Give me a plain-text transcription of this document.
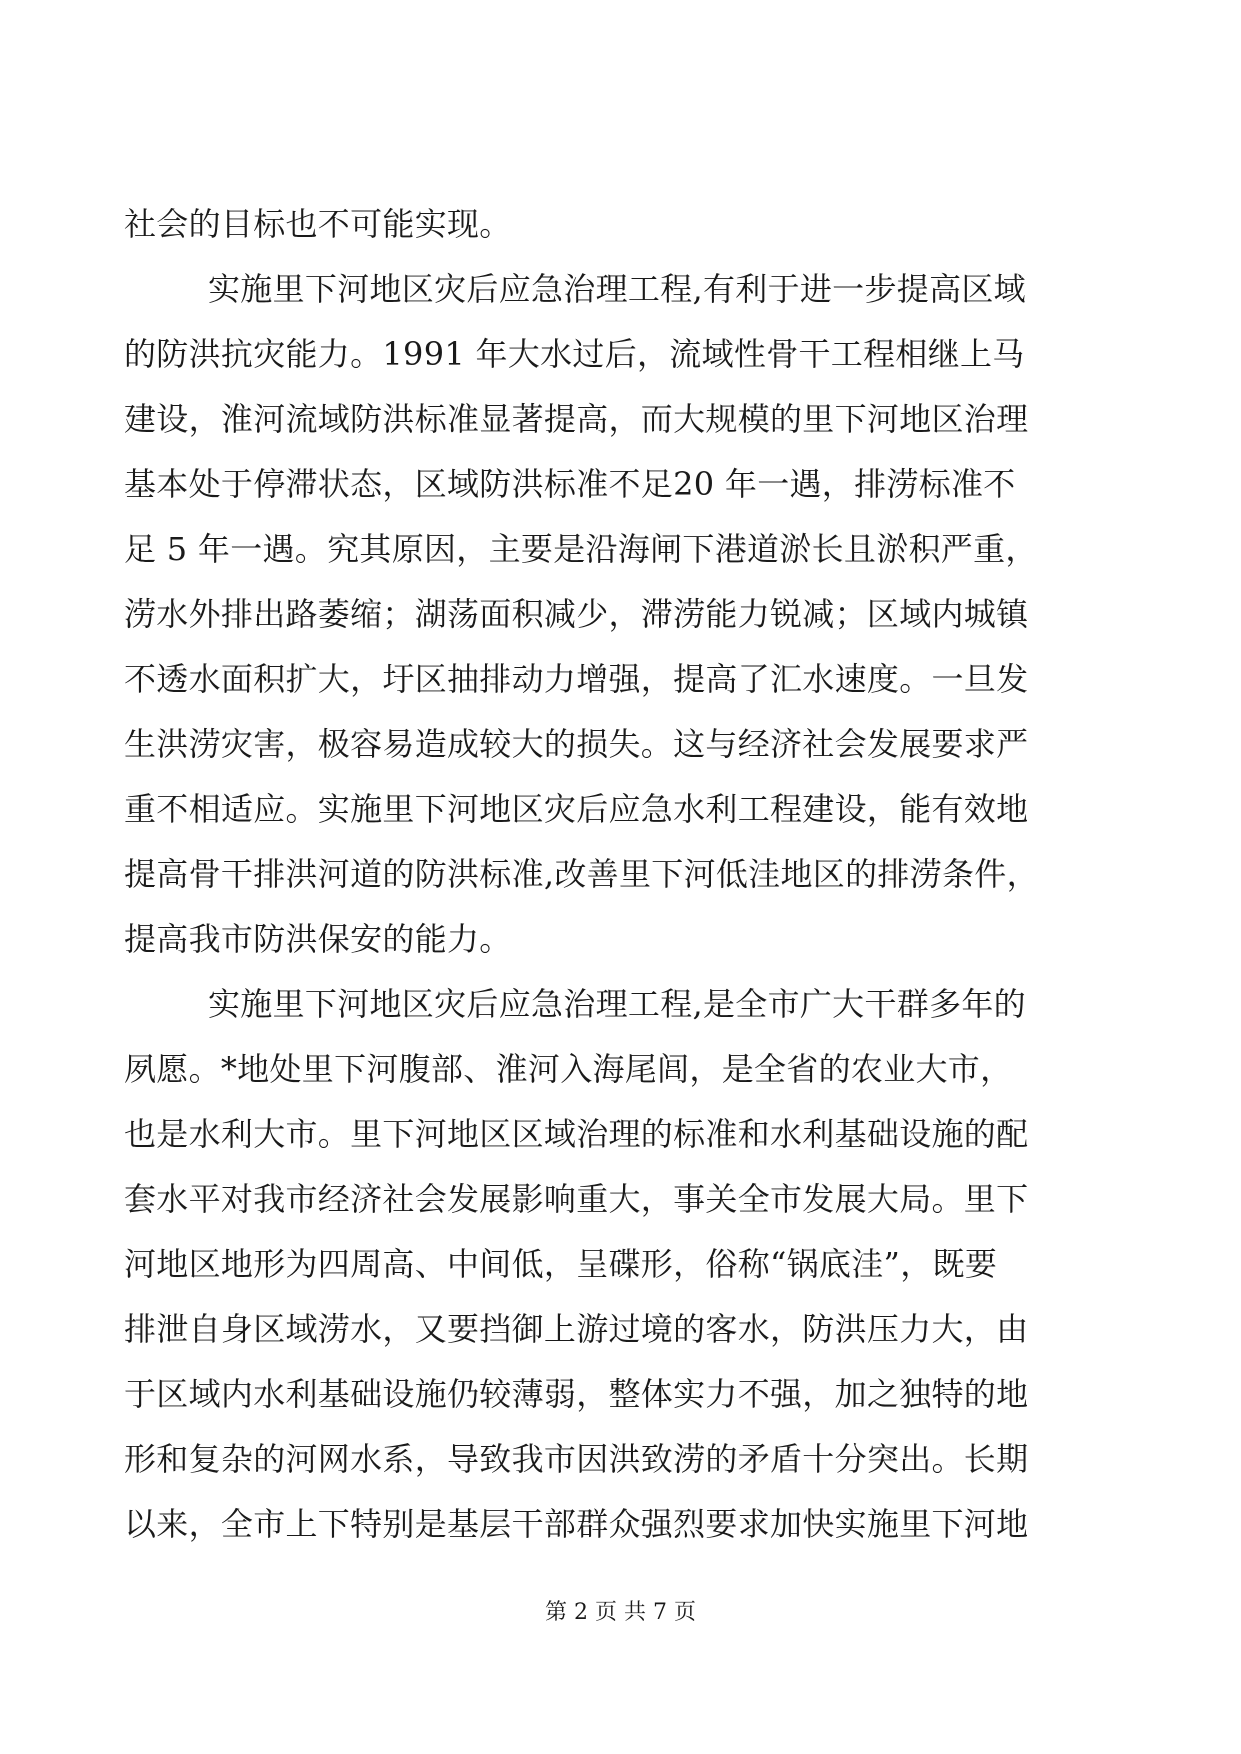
社会的目标也不可能实现。
实施里下河地区灾后应急治理工程,有利于进一步提高区域
的防洪抗灾能力。1991 年大水过后，流域性骨干工程相继上马
建设，淮河流域防洪标准显著提高，而大规模的里下河地区治理
基本处于停滞状态，区域防洪标准不足20 年一遇，排涝标准不
足 5 年一遇。究其原因，主要是沿海闸下港道淤长且淤积严重，
涝水外排出路萎缩；湖荡面积减少，滞涝能力锐减；区域内城镇
不透水面积扩大，圩区抽排动力增强，提高了汇水速度。一旦发
生洪涝灾害，极容易造成较大的损失。这与经济社会发展要求严
重不相适应。实施里下河地区灾后应急水利工程建设，能有效地
提高骨干排洪河道的防洪标准,改善里下河低洼地区的排涝条件，
提高我市防洪保安的能力。
实施里下河地区灾后应急治理工程,是全市广大干群多年的
夙愿。*地处里下河腹部、淮河入海尾闾，是全省的农业大市，
也是水利大市。里下河地区区域治理的标准和水利基础设施的配
套水平对我市经济社会发展影响重大，事关全市发展大局。里下
河地区地形为四周高、中间低，呈碟形，俗称“锅底洼”，既要
排泄自身区域涝水，又要挡御上游过境的客水，防洪压力大，由
于区域内水利基础设施仍较薄弱，整体实力不强，加之独特的地
形和复杂的河网水系，导致我市因洪致涝的矛盾十分突出。长期
以来，全市上下特别是基层干部群众强烈要求加快实施里下河地
第 2 页 共 7 页
